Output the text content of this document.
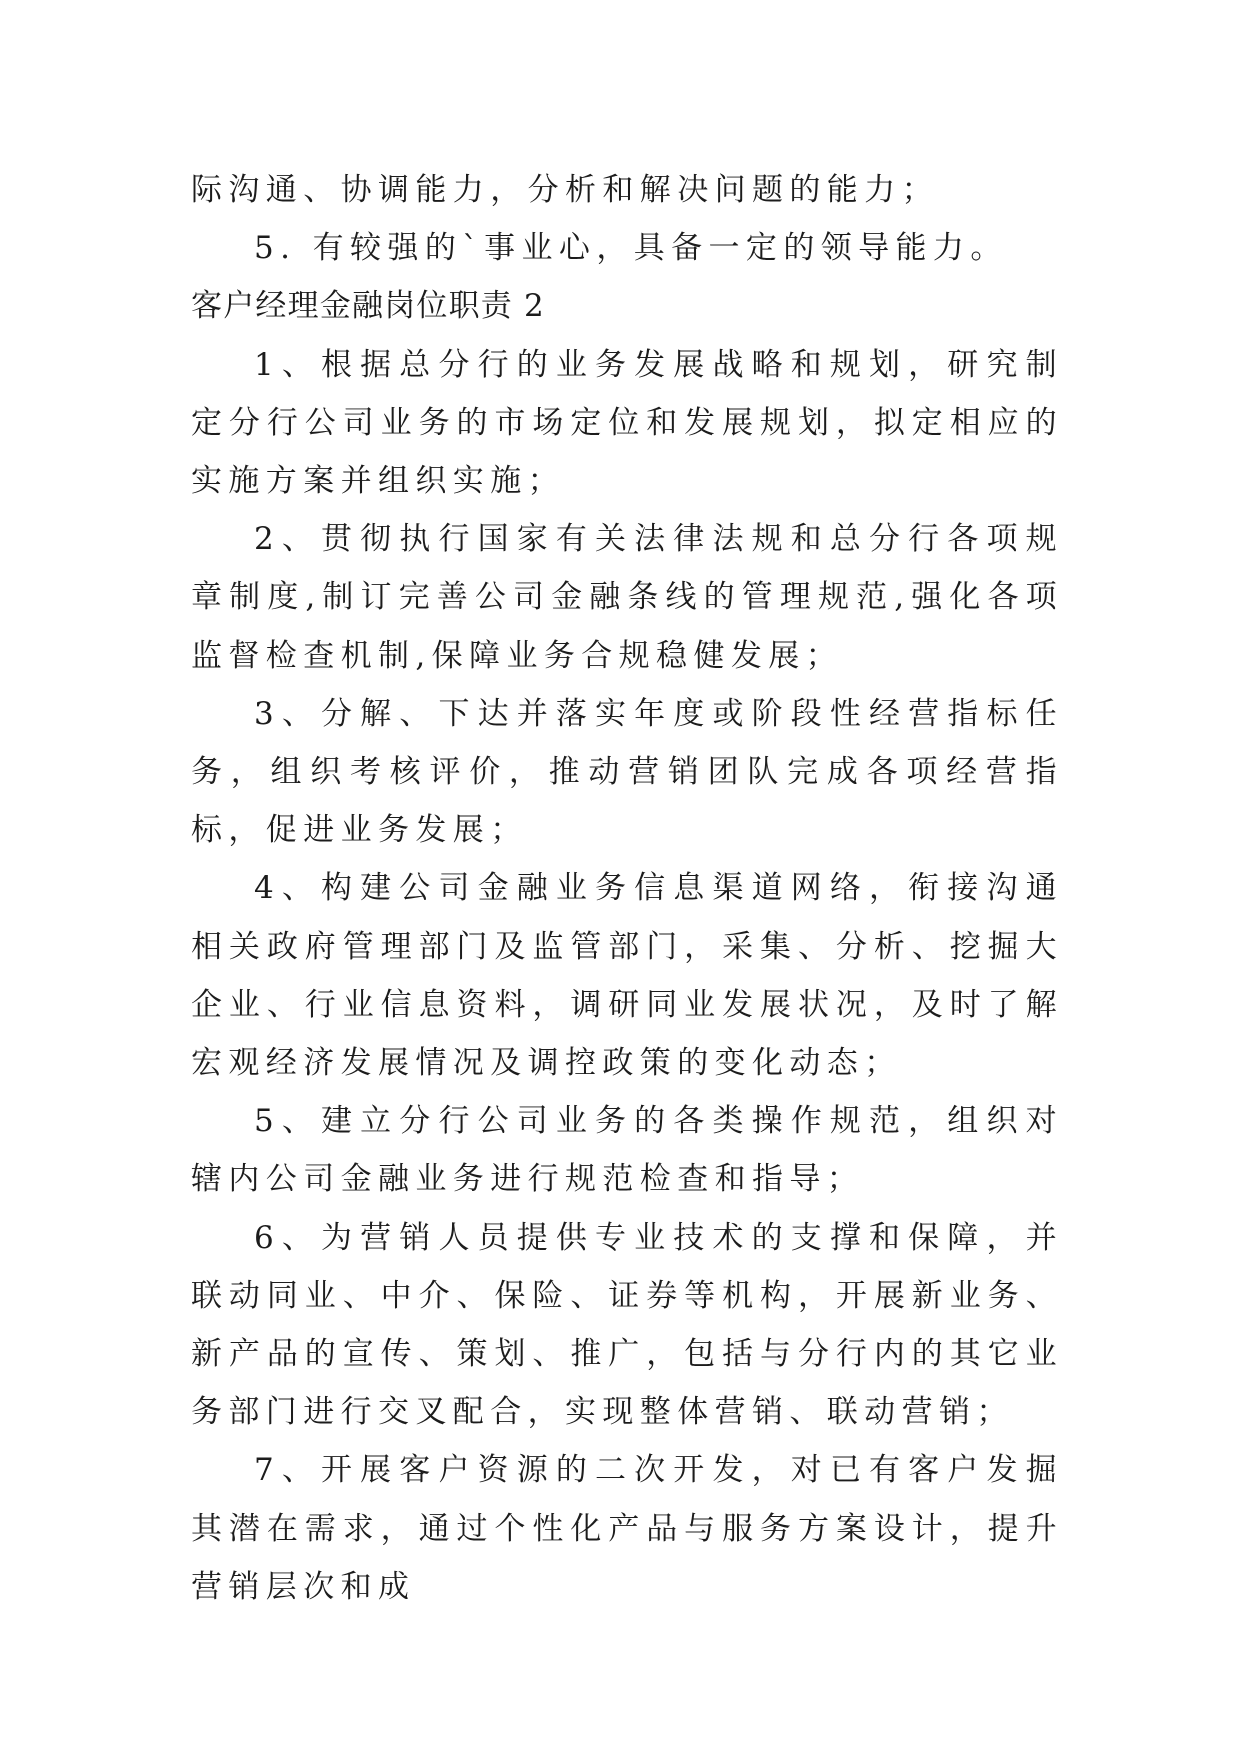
际沟通、协调能力，分析和解决问题的能力；

5. 有较强的`事业心，具备一定的领导能力。

客户经理金融岗位职责 2

1、根据总分行的业务发展战略和规划，研究制定分行公司业务的市场定位和发展规划，拟定相应的实施方案并组织实施；

2、贯彻执行国家有关法律法规和总分行各项规章制度,制订完善公司金融条线的管理规范,强化各项监督检查机制,保障业务合规稳健发展；

3、分解、下达并落实年度或阶段性经营指标任务，组织考核评价，推动营销团队完成各项经营指标，促进业务发展；

4、构建公司金融业务信息渠道网络，衔接沟通相关政府管理部门及监管部门，采集、分析、挖掘大企业、行业信息资料，调研同业发展状况，及时了解宏观经济发展情况及调控政策的变化动态；

5、建立分行公司业务的各类操作规范，组织对辖内公司金融业务进行规范检查和指导；

6、为营销人员提供专业技术的支撑和保障，并联动同业、中介、保险、证券等机构，开展新业务、新产品的宣传、策划、推广，包括与分行内的其它业务部门进行交叉配合，实现整体营销、联动营销；

7、开展客户资源的二次开发，对已有客户发掘其潜在需求，通过个性化产品与服务方案设计，提升营销层次和成
